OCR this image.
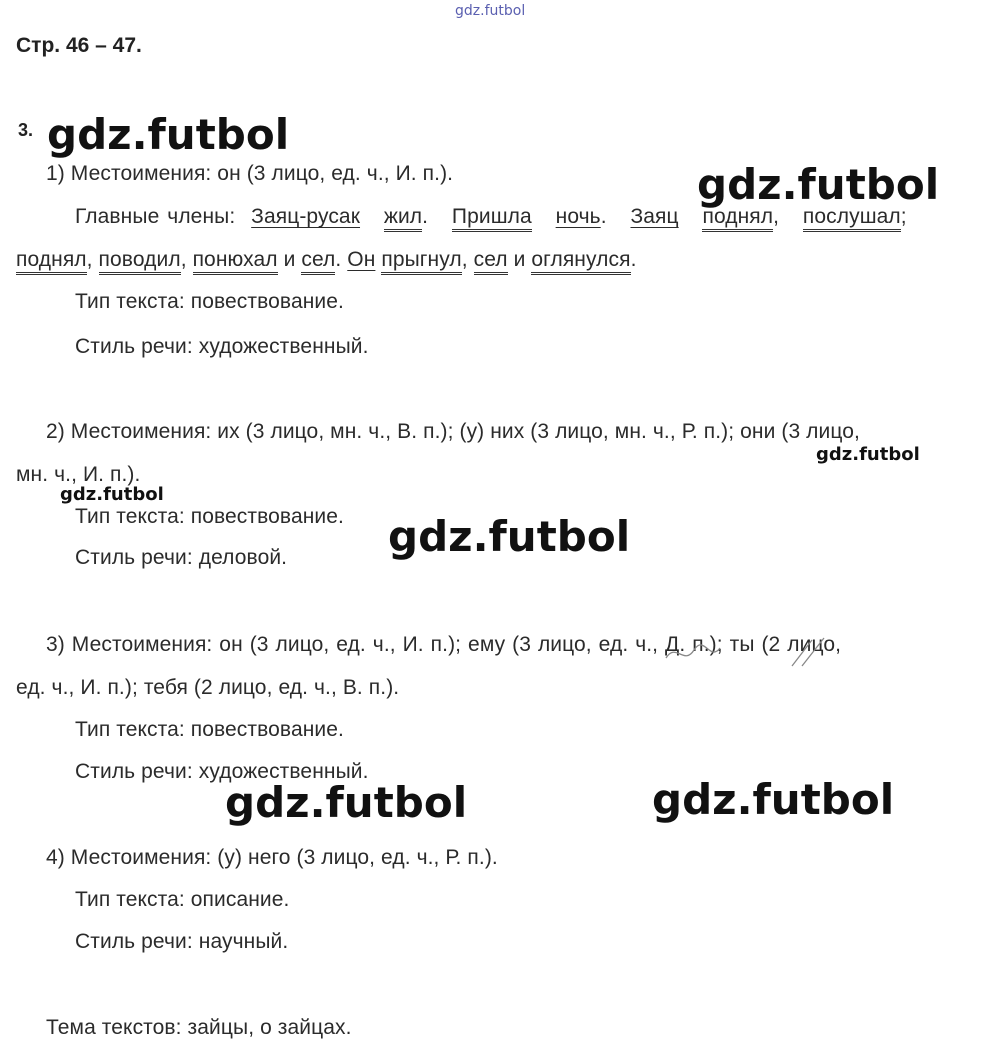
gdz.futbol
Стр. 46 – 47.
3. gdz.futbol
gdz.futbol
1) Местоимения: он (3 лицо, ед. ч., И. п.).
Главные члены: Заяц-русак жил.   Пришла ночь.   Заяц поднял,   послушал;
поднял, поводил, понюхал и сел. Он прыгнул, сел и оглянулся.
Тип текста: повествование.
Стиль речи: художественный.
2) Местоимения: их (3 лицо, мн. ч., В. п.); (у) них (3 лицо, мн. ч., Р. п.); они (3 лицо,
мн. ч., И. п.).
gdz.futbol
gdz.futbol
Тип текста: повествование.
Стиль речи: деловой. gdz.futbol
3) Местоимения: он (3 лицо, ед. ч., И. п.); ему (3 лицо, ед. ч., Д. п.); ты (2 лицо,
ед. ч., И. п.); тебя (2 лицо, ед. ч., В. п.).
Тип текста: повествование.
Стиль речи: художественный.
gdz.futbol	gdz.futbol
4) Местоимения: (у) него (3 лицо, ед. ч., Р. п.).
Тип текста: описание.
Стиль речи: научный.
Тема текстов: зайцы, о зайцах.
